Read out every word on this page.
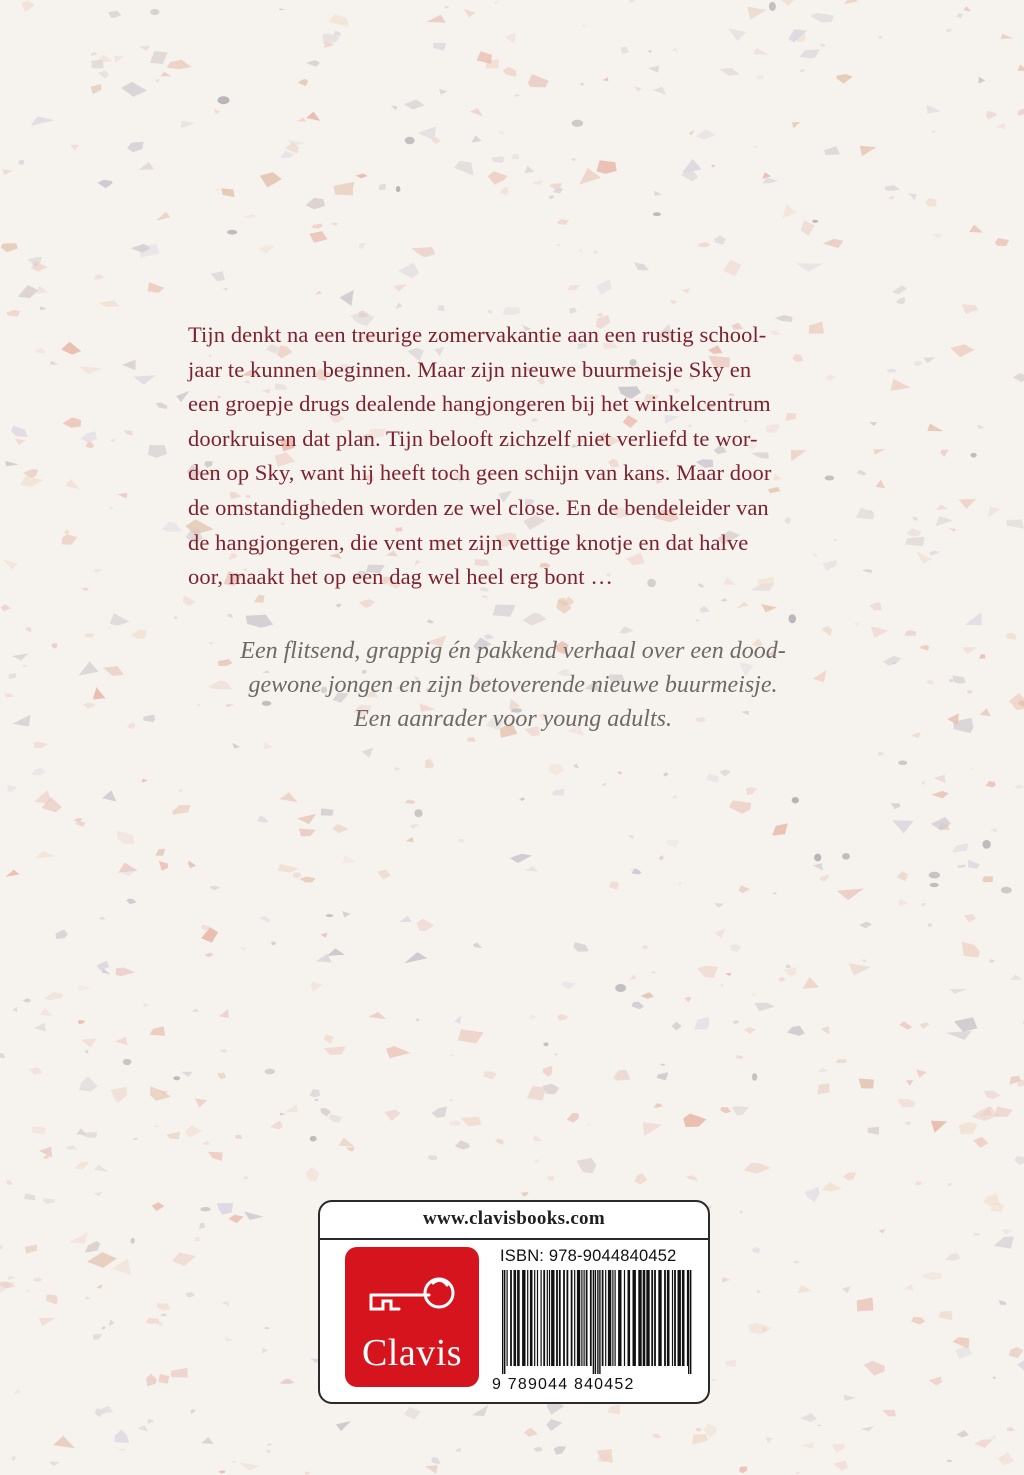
Tijn denkt na een treurige zomervakantie aan een rustig school-
jaar te kunnen beginnen. Maar zijn nieuwe buurmeisje Sky en
een groepje drugs dealende hangjongeren bij het winkelcentrum
doorkruisen dat plan. Tijn belooft zichzelf niet verliefd te wor-
den op Sky, want hij heeft toch geen schijn van kans. Maar door
de omstandigheden worden ze wel close. En de bendeleider van
de hangjongeren, die vent met zijn vettige knotje en dat halve
oor, maakt het op een dag wel heel erg bont …
Een flitsend, grappig én pakkend verhaal over een dood-
gewone jongen en zijn betoverende nieuwe buurmeisje.
Een aanrader voor young adults.
www.clavisbooks.com
Clavis
ISBN: 978-9044840452
9 789044 840452
